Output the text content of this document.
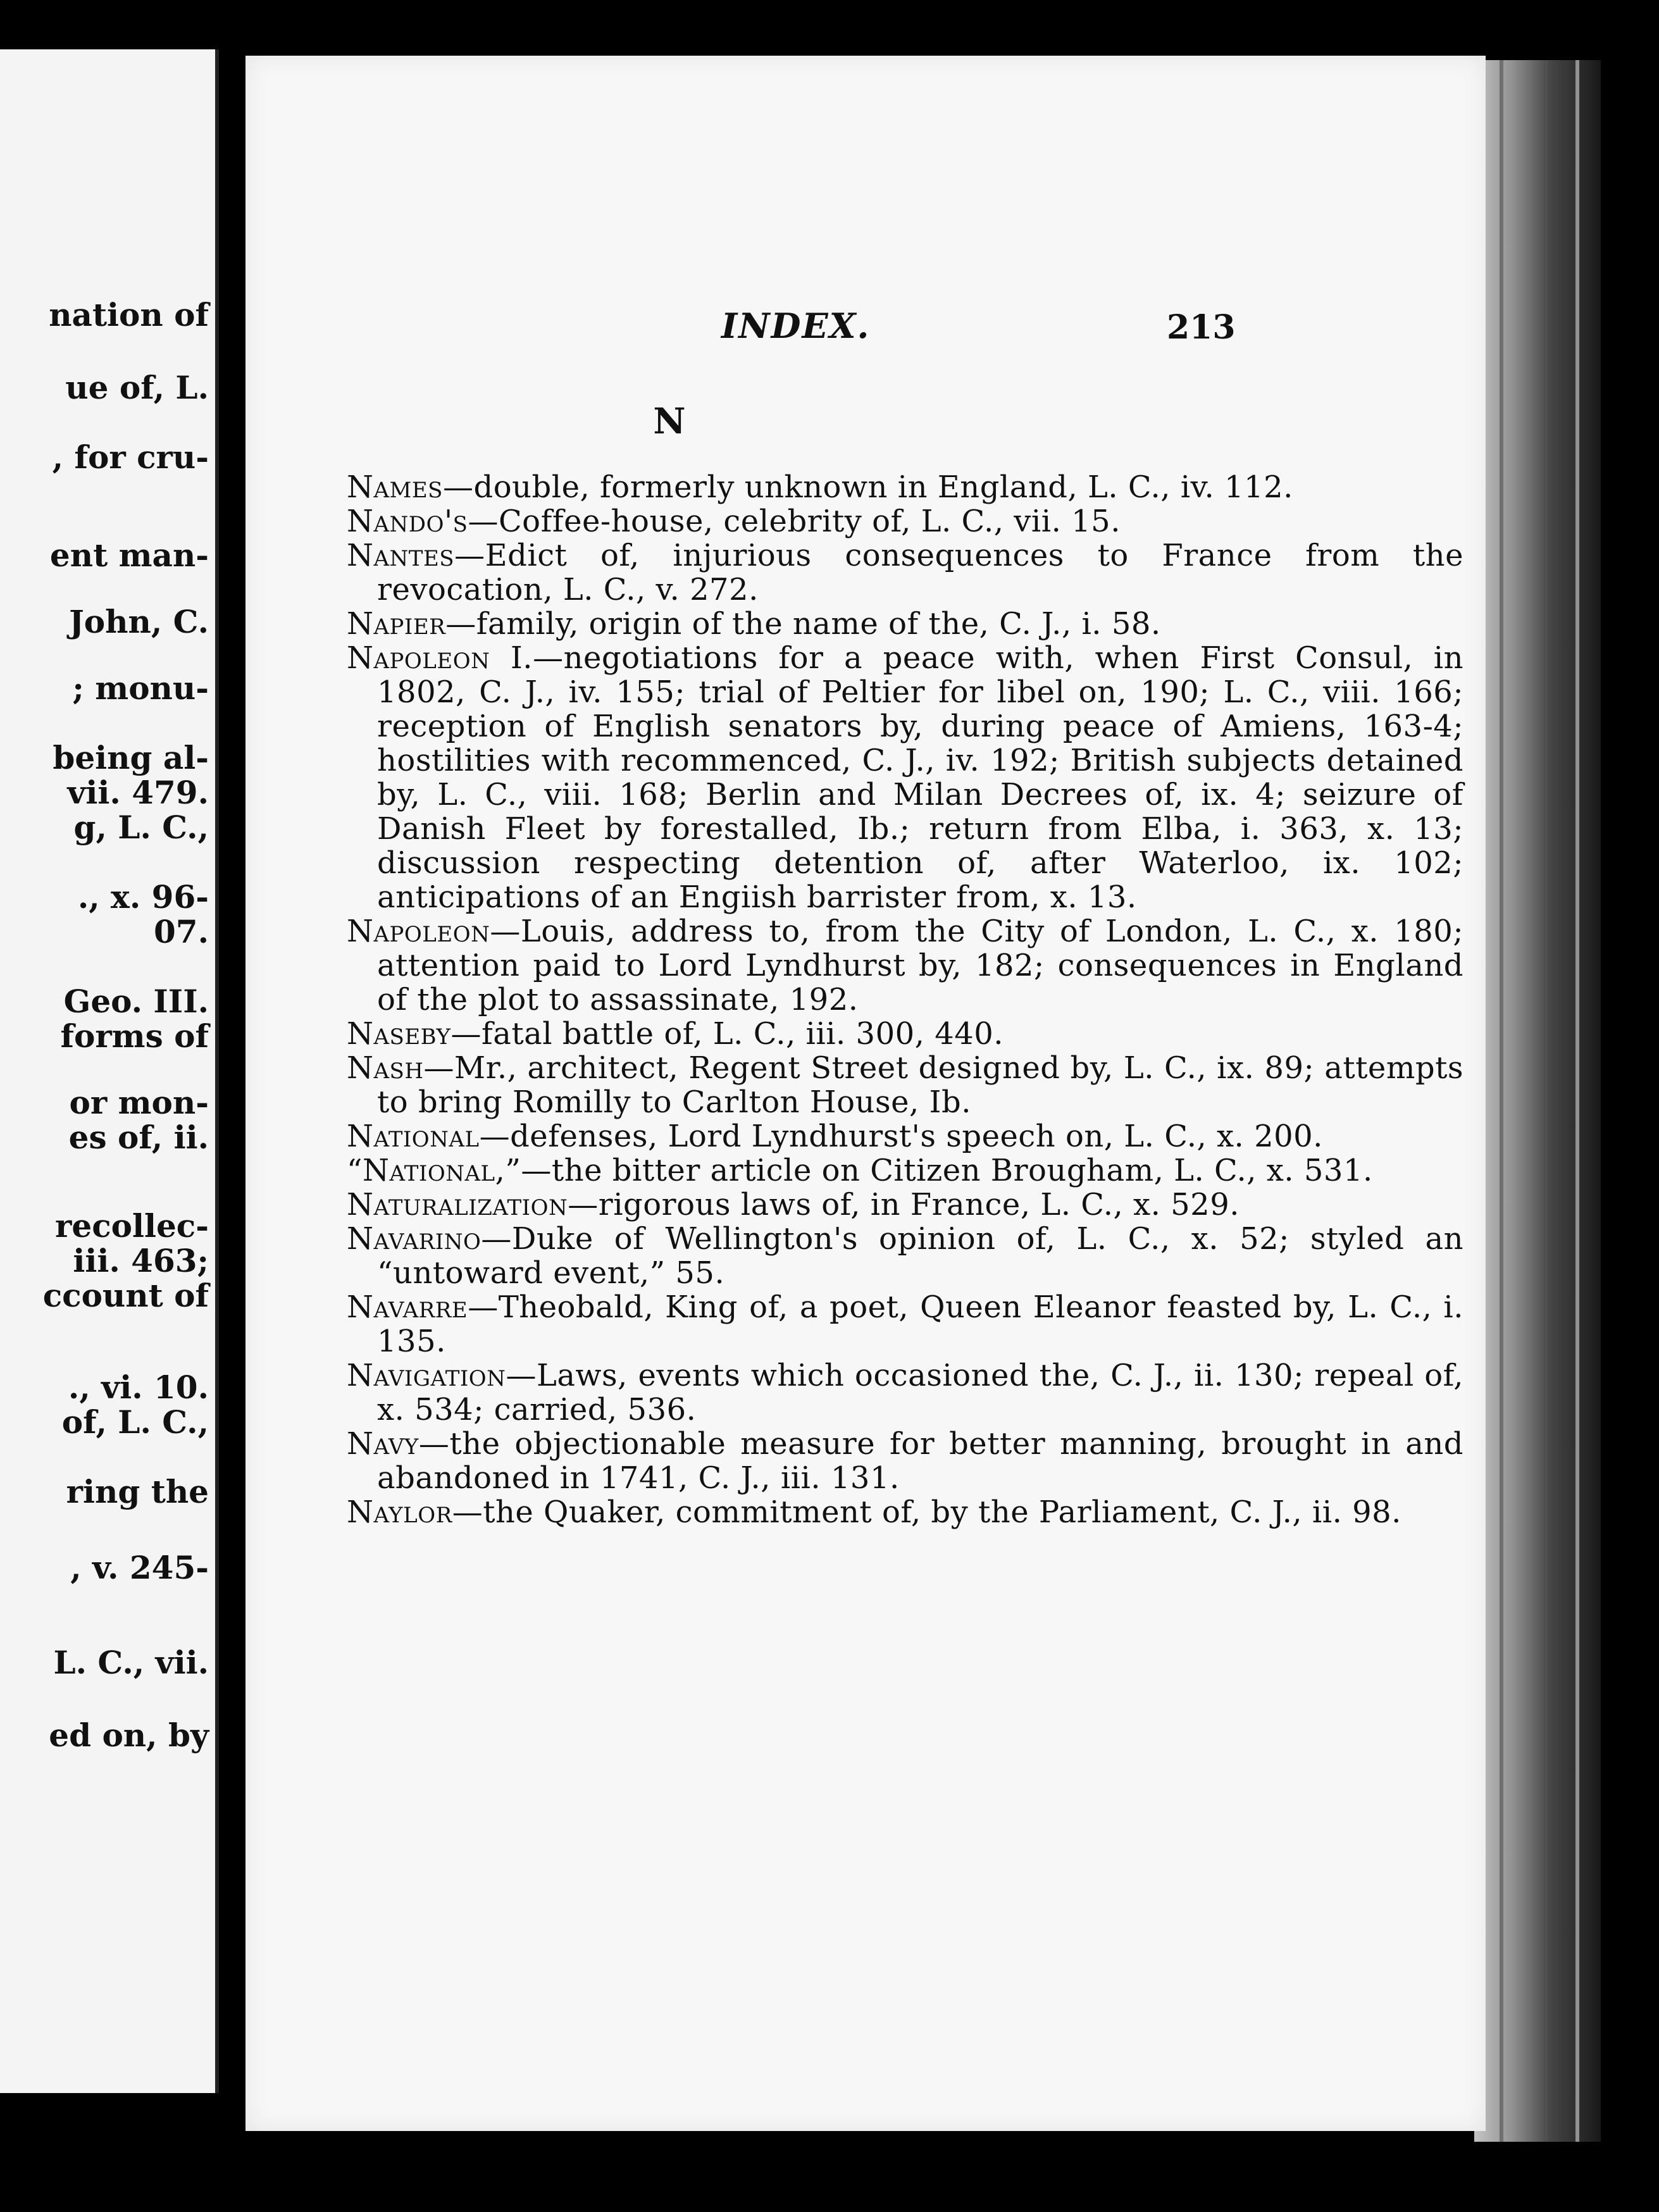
nation of
ue of, L.
, for cru-
ent man-
John, C.
; monu-
being al-
vii. 479.
g, L. C.,
., x. 96-
07.
Geo. III.
forms of
or mon-
es of, ii.
recollec-
iii. 463;
ccount of
., vi. 10.
of, L. C.,
ring the
, v. 245-
L. C., vii.
ed on, by
INDEX.	213
N

Names—double, formerly unknown in England, L. C., iv. 112.

Nando's—Coffee-house, celebrity of, L. C., vii. 15.

Nantes—Edict of, injurious consequences to France from the revocation, L. C., v. 272.

Napier—family, origin of the name of the, C. J., i. 58.

Napoleon I.—negotiations for a peace with, when First Consul, in 1802, C. J., iv. 155; trial of Peltier for libel on, 190; L. C., viii. 166; reception of English senators by, during peace of Amiens, 163-4; hostilities with recommenced, C. J., iv. 192; British subjects detained by, L. C., viii. 168; Berlin and Milan Decrees of, ix. 4; seizure of Danish Fleet by forestalled, Ib.; return from Elba, i. 363, x. 13; discussion respecting detention of, after Waterloo, ix. 102; anticipations of an Engiish barrister from, x. 13.

Napoleon—Louis, address to, from the City of London, L. C., x. 180; attention paid to Lord Lyndhurst by, 182; consequences in England of the plot to assassinate, 192.

Naseby—fatal battle of, L. C., iii. 300, 440.

Nash—Mr., architect, Regent Street designed by, L. C., ix. 89; attempts to bring Romilly to Carlton House, Ib.

National—defenses, Lord Lyndhurst's speech on, L. C., x. 200.

“National,”—the bitter article on Citizen Brougham, L. C., x. 531.

Naturalization—rigorous laws of, in France, L. C., x. 529.

Navarino—Duke of Wellington's opinion of, L. C., x. 52; styled an “untoward event,” 55.

Navarre—Theobald, King of, a poet, Queen Eleanor feasted by, L. C., i. 135.

Navigation—Laws, events which occasioned the, C. J., ii. 130; repeal of, x. 534; carried, 536.

Navy—the objectionable measure for better manning, brought in and abandoned in 1741, C. J., iii. 131.

Naylor—the Quaker, commitment of, by the Parliament, C. J., ii. 98.
